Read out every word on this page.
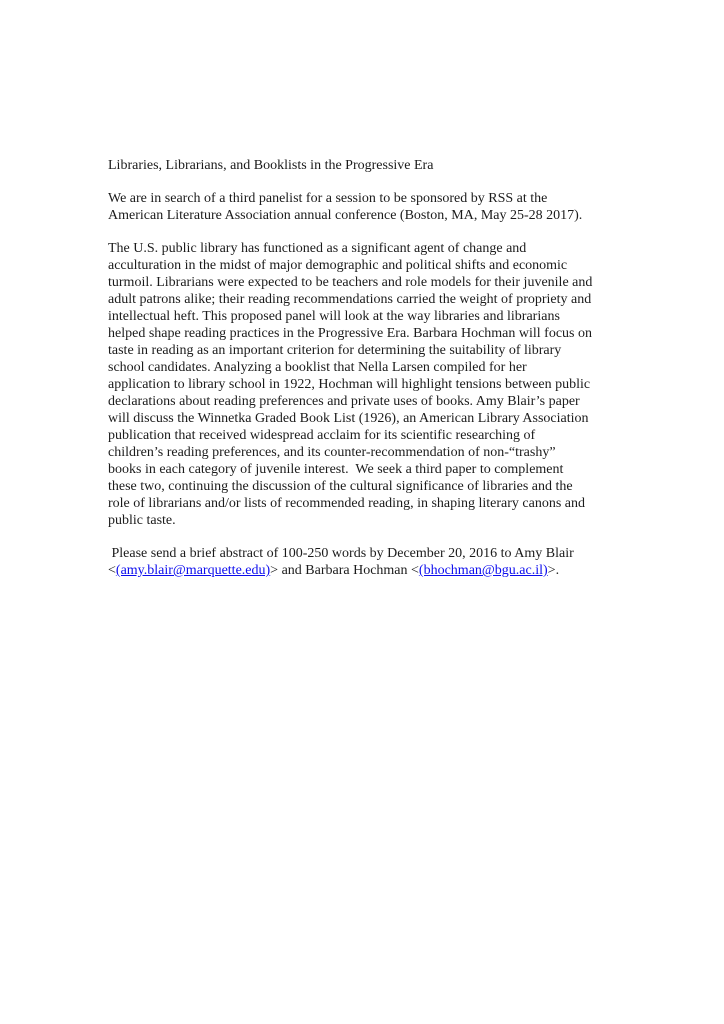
Libraries, Librarians, and Booklists in the Progressive Era

We are in search of a third panelist for a session to be sponsored by RSS at the
American Literature Association annual conference (Boston, MA, May 25-28 2017).

The U.S. public library has functioned as a significant agent of change and
acculturation in the midst of major demographic and political shifts and economic
turmoil. Librarians were expected to be teachers and role models for their juvenile and
adult patrons alike; their reading recommendations carried the weight of propriety and
intellectual heft. This proposed panel will look at the way libraries and librarians
helped shape reading practices in the Progressive Era. Barbara Hochman will focus on
taste in reading as an important criterion for determining the suitability of library
school candidates. Analyzing a booklist that Nella Larsen compiled for her
application to library school in 1922, Hochman will highlight tensions between public
declarations about reading preferences and private uses of books. Amy Blair’s paper
will discuss the Winnetka Graded Book List (1926), an American Library Association
publication that received widespread acclaim for its scientific researching of
children’s reading preferences, and its counter-recommendation of non-“trashy”
books in each category of juvenile interest.  We seek a third paper to complement
these two, continuing the discussion of the cultural significance of libraries and the
role of librarians and/or lists of recommended reading, in shaping literary canons and
public taste.

Please send a brief abstract of 100-250 words by December 20, 2016 to Amy Blair
<(amy.blair@marquette.edu)> and Barbara Hochman <(bhochman@bgu.ac.il)>.
